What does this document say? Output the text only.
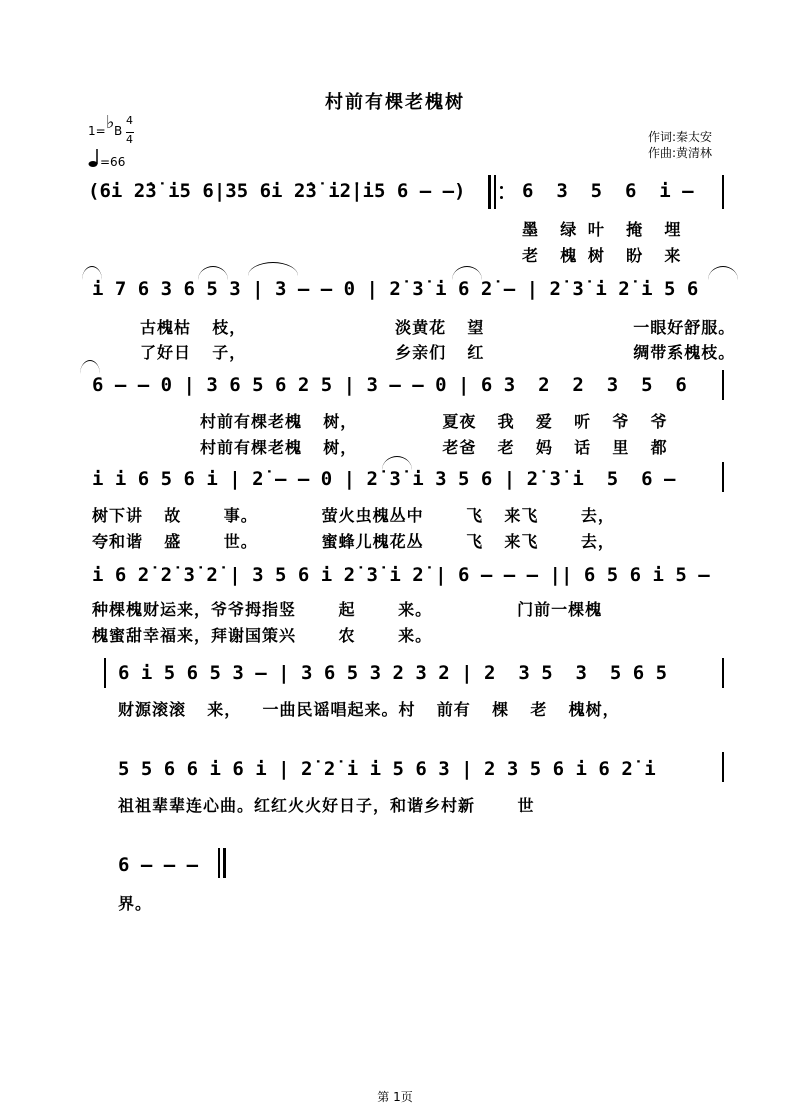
村前有棵老槐树
1= ♭ B
4
4
=66
作词:秦太安
作曲:黄清林
(6i 2̇3̇ i5 6|35 6i 2̇3̇ i2̇|i5 6 – –)	6  3  5  6  i –
墨  绿 叶  掩  埋
老  槐 树  盼  来
i 7 6 3 6 5 3 | 3 – – 0 | 2̇ 3̇ i 6 2̇ – | 2̇ 3̇ i 2̇ i 5 6
古槐枯  枝，              淡黄花  望              一眼好舒服。
了好日  子，              乡亲们  红              绸带系槐枝。
6 – – 0 | 3 6 5 6 2 5 | 3 – – 0 | 6 3  2  2  3  5  6
村前有棵老槐  树，        夏夜  我  爱  听  爷  爷
村前有棵老槐  树，        老爸  老  妈  话  里  都
i i 6 5 6 i | 2̇ – – 0 | 2̇ 3̇ i 3 5 6 | 2̇ 3̇ i  5  6 –
树下讲  故    事。      萤火虫槐丛中    飞  来飞    去，
夸和谐  盛    世。      蜜蜂儿槐花丛    飞  来飞    去，
i 6 2̇ 2̇ 3̇ 2̇ | 3 5 6 i 2̇ 3̇ i 2̇ | 6 – – – || 6 5 6 i 5 –
种棵槐财运来，爷爷拇指竖    起    来。        门前一棵槐
槐蜜甜幸福来，拜谢国策兴    农    来。
6 i 5 6 5 3 – | 3 6 5 3 2 3 2 | 2  3 5  3  5 6 5
财源滚滚  来，  一曲民谣唱起来。村  前有  棵  老  槐树，
5 5 6 6 i 6 i | 2̇ 2̇ i i 5 6 3 | 2 3 5 6 i 6 2̇ i
祖祖辈辈连心曲。红红火火好日子，和谐乡村新    世
6 – – –
界。
第 1页
